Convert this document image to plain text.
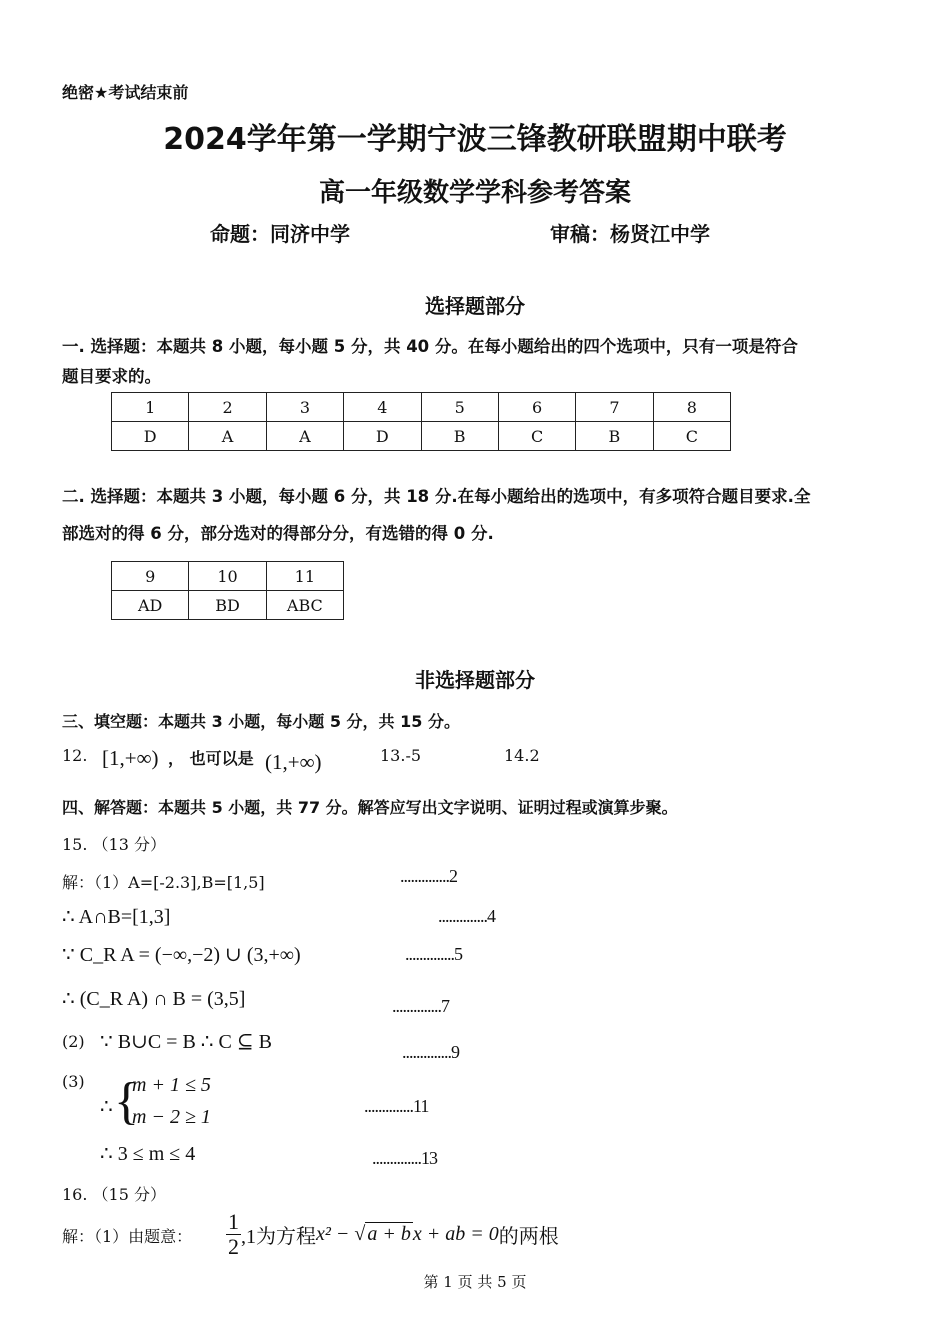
绝密★考试结束前
2024学年第一学期宁波三锋教研联盟期中联考
高一年级数学学科参考答案
命题：同济中学	审稿：杨贤江中学
选择题部分
一. 选择题：本题共 8 小题，每小题 5 分，共 40 分。在每小题给出的四个选项中，只有一项是符合
题目要求的。
1	2	3	4	5	6	7	8
D	A	A	D	B	C	B	C
二. 选择题：本题共 3 小题，每小题 6 分，共 18 分.在每小题给出的选项中，有多项符合题目要求.全
部选对的得 6 分，部分选对的得部分分，有选错的得 0 分.
9	10	11
AD	BD	ABC
非选择题部分
三、填空题：本题共 3 小题，每小题 5 分，共 15 分。
12. [1,+∞) ， 也可以是 (1,+∞)	13.-5	14.2
四、解答题：本题共 5 小题，共 77 分。解答应写出文字说明、证明过程或演算步聚。
15. （13 分）
解：（1）A=[-2.3],B=[1,5]	..............2
∴ A∩B=[1,3]	..............4
∵ C_R A = (−∞,−2) ∪ (3,+∞)	..............5
∴ (C_R A) ∩ B = (3,5]	..............7
(2) ∵ B∪C = B ∴ C ⊆ B	..............9
(3)
∴ {
m + 1 ≤ 5
m − 2 ≥ 1	..............11
∴ 3 ≤ m ≤ 4	..............13
16. （15 分）
解：（1）由题意： $\frac{1}{2} ,1$为方程x² − √ a + b x + ab = 0的两根
第 1 页 共 5 页
